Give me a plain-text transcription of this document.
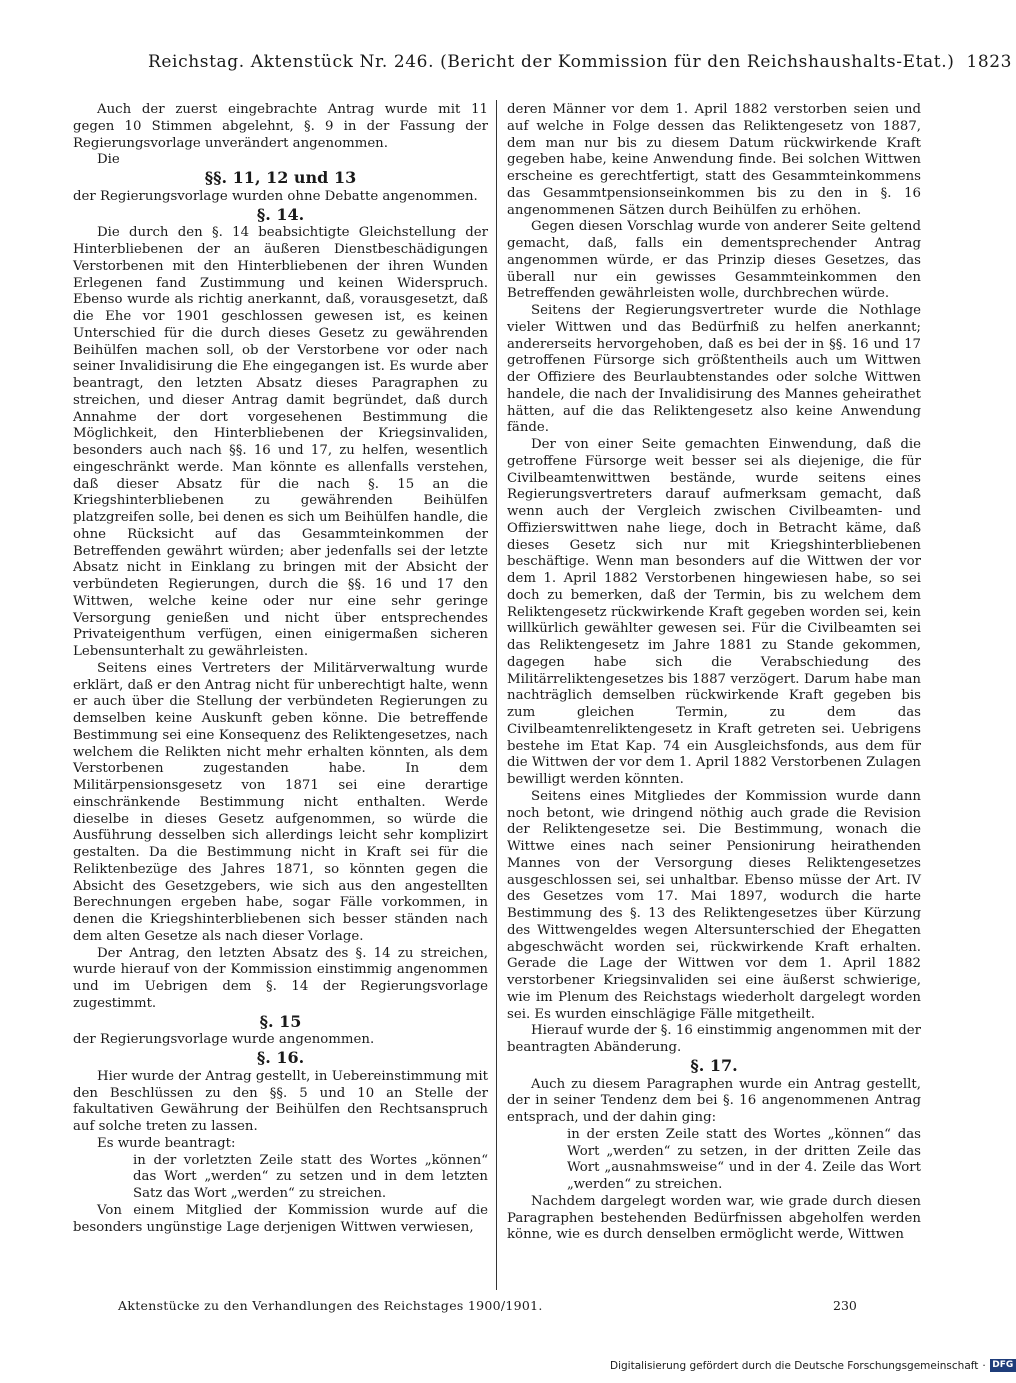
Reichstag. Aktenstück Nr. 246. (Bericht der Kommission für den Reichshaushalts-Etat.) 1823

Auch der zuerst eingebrachte Antrag wurde mit 11 gegen 10 Stimmen abgelehnt, §. 9 in der Fassung der Regierungsvorlage unverändert angenommen.

Die

§§. 11, 12 und 13

der Regierungsvorlage wurden ohne Debatte angenommen.

§. 14.

Die durch den §. 14 beabsichtigte Gleichstellung der Hinterbliebenen der an äußeren Dienstbeschädigungen Verstorbenen mit den Hinterbliebenen der ihren Wunden Erlegenen fand Zustimmung und keinen Widerspruch. Ebenso wurde als richtig anerkannt, daß, vorausgesetzt, daß die Ehe vor 1901 geschlossen gewesen ist, es keinen Unterschied für die durch dieses Gesetz zu gewährenden Beihülfen machen soll, ob der Verstorbene vor oder nach seiner Invalidisirung die Ehe eingegangen ist. Es wurde aber beantragt, den letzten Absatz dieses Paragraphen zu streichen, und dieser Antrag damit begründet, daß durch Annahme der dort vorgesehenen Bestimmung die Möglichkeit, den Hinterbliebenen der Kriegsinvaliden, besonders auch nach §§. 16 und 17, zu helfen, wesentlich eingeschränkt werde. Man könnte es allenfalls verstehen, daß dieser Absatz für die nach §. 15 an die Kriegshinterbliebenen zu gewährenden Beihülfen platzgreifen solle, bei denen es sich um Beihülfen handle, die ohne Rücksicht auf das Gesammteinkommen der Betreffenden gewährt würden; aber jedenfalls sei der letzte Absatz nicht in Einklang zu bringen mit der Absicht der verbündeten Regierungen, durch die §§. 16 und 17 den Wittwen, welche keine oder nur eine sehr geringe Versorgung genießen und nicht über entsprechendes Privateigenthum verfügen, einen einigermaßen sicheren Lebensunterhalt zu gewährleisten.

Seitens eines Vertreters der Militärverwaltung wurde erklärt, daß er den Antrag nicht für unberechtigt halte, wenn er auch über die Stellung der verbündeten Regierungen zu demselben keine Auskunft geben könne. Die betreffende Bestimmung sei eine Konsequenz des Reliktengesetzes, nach welchem die Relikten nicht mehr erhalten könnten, als dem Verstorbenen zugestanden habe. In dem Militärpensionsgesetz von 1871 sei eine derartige einschränkende Bestimmung nicht enthalten. Werde dieselbe in dieses Gesetz aufgenommen, so würde die Ausführung desselben sich allerdings leicht sehr komplizirt gestalten. Da die Bestimmung nicht in Kraft sei für die Reliktenbezüge des Jahres 1871, so könnten gegen die Absicht des Gesetzgebers, wie sich aus den angestellten Berechnungen ergeben habe, sogar Fälle vorkommen, in denen die Kriegshinterbliebenen sich besser ständen nach dem alten Gesetze als nach dieser Vorlage.

Der Antrag, den letzten Absatz des §. 14 zu streichen, wurde hierauf von der Kommission einstimmig angenommen und im Uebrigen dem §. 14 der Regierungsvorlage zugestimmt.

§. 15

der Regierungsvorlage wurde angenommen.

§. 16.

Hier wurde der Antrag gestellt, in Uebereinstimmung mit den Beschlüssen zu den §§. 5 und 10 an Stelle der fakultativen Gewährung der Beihülfen den Rechtsanspruch auf solche treten zu lassen.

Es wurde beantragt:

in der vorletzten Zeile statt des Wortes „können“ das Wort „werden“ zu setzen und in dem letzten Satz das Wort „werden“ zu streichen.

Von einem Mitglied der Kommission wurde auf die besonders ungünstige Lage derjenigen Wittwen verwiesen,

deren Männer vor dem 1. April 1882 verstorben seien und auf welche in Folge dessen das Reliktengesetz von 1887, dem man nur bis zu diesem Datum rückwirkende Kraft gegeben habe, keine Anwendung finde. Bei solchen Wittwen erscheine es gerechtfertigt, statt des Gesammteinkommens das Gesammtpensionseinkommen bis zu den in §. 16 angenommenen Sätzen durch Beihülfen zu erhöhen.

Gegen diesen Vorschlag wurde von anderer Seite geltend gemacht, daß, falls ein dementsprechender Antrag angenommen würde, er das Prinzip dieses Gesetzes, das überall nur ein gewisses Gesammteinkommen den Betreffenden gewährleisten wolle, durchbrechen würde.

Seitens der Regierungsvertreter wurde die Nothlage vieler Wittwen und das Bedürfniß zu helfen anerkannt; andererseits hervorgehoben, daß es bei der in §§. 16 und 17 getroffenen Fürsorge sich größtentheils auch um Wittwen der Offiziere des Beurlaubtenstandes oder solche Wittwen handele, die nach der Invalidisirung des Mannes geheirathet hätten, auf die das Reliktengesetz also keine Anwendung fände.

Der von einer Seite gemachten Einwendung, daß die getroffene Fürsorge weit besser sei als diejenige, die für Civilbeamtenwittwen bestände, wurde seitens eines Regierungsvertreters darauf aufmerksam gemacht, daß wenn auch der Vergleich zwischen Civilbeamten- und Offizierswittwen nahe liege, doch in Betracht käme, daß dieses Gesetz sich nur mit Kriegshinterbliebenen beschäftige. Wenn man besonders auf die Wittwen der vor dem 1. April 1882 Verstorbenen hingewiesen habe, so sei doch zu bemerken, daß der Termin, bis zu welchem dem Reliktengesetz rückwirkende Kraft gegeben worden sei, kein willkürlich gewählter gewesen sei. Für die Civilbeamten sei das Reliktengesetz im Jahre 1881 zu Stande gekommen, dagegen habe sich die Verabschiedung des Militärreliktengesetzes bis 1887 verzögert. Darum habe man nachträglich demselben rückwirkende Kraft gegeben bis zum gleichen Termin, zu dem das Civilbeamtenreliktengesetz in Kraft getreten sei. Uebrigens bestehe im Etat Kap. 74 ein Ausgleichsfonds, aus dem für die Wittwen der vor dem 1. April 1882 Verstorbenen Zulagen bewilligt werden könnten.

Seitens eines Mitgliedes der Kommission wurde dann noch betont, wie dringend nöthig auch grade die Revision der Reliktengesetze sei. Die Bestimmung, wonach die Wittwe eines nach seiner Pensionirung heirathenden Mannes von der Versorgung dieses Reliktengesetzes ausgeschlossen sei, sei unhaltbar. Ebenso müsse der Art. IV des Gesetzes vom 17. Mai 1897, wodurch die harte Bestimmung des §. 13 des Reliktengesetzes über Kürzung des Wittwengeldes wegen Altersunterschied der Ehegatten abgeschwächt worden sei, rückwirkende Kraft erhalten. Gerade die Lage der Wittwen vor dem 1. April 1882 verstorbener Kriegsinvaliden sei eine äußerst schwierige, wie im Plenum des Reichstags wiederholt dargelegt worden sei. Es wurden einschlägige Fälle mitgetheilt.

Hierauf wurde der §. 16 einstimmig angenommen mit der beantragten Abänderung.

§. 17.

Auch zu diesem Paragraphen wurde ein Antrag gestellt, der in seiner Tendenz dem bei §. 16 angenommenen Antrag entsprach, und der dahin ging:

in der ersten Zeile statt des Wortes „können“ das Wort „werden“ zu setzen, in der dritten Zeile das Wort „ausnahmsweise“ und in der 4. Zeile das Wort „werden“ zu streichen.

Nachdem dargelegt worden war, wie grade durch diesen Paragraphen bestehenden Bedürfnissen abgeholfen werden könne, wie es durch denselben ermöglicht werde, Wittwen

Aktenstücke zu den Verhandlungen des Reichstages 1900/1901.	230
Digitalisierung gefördert durch die Deutsche Forschungsgemeinschaft · DFG
